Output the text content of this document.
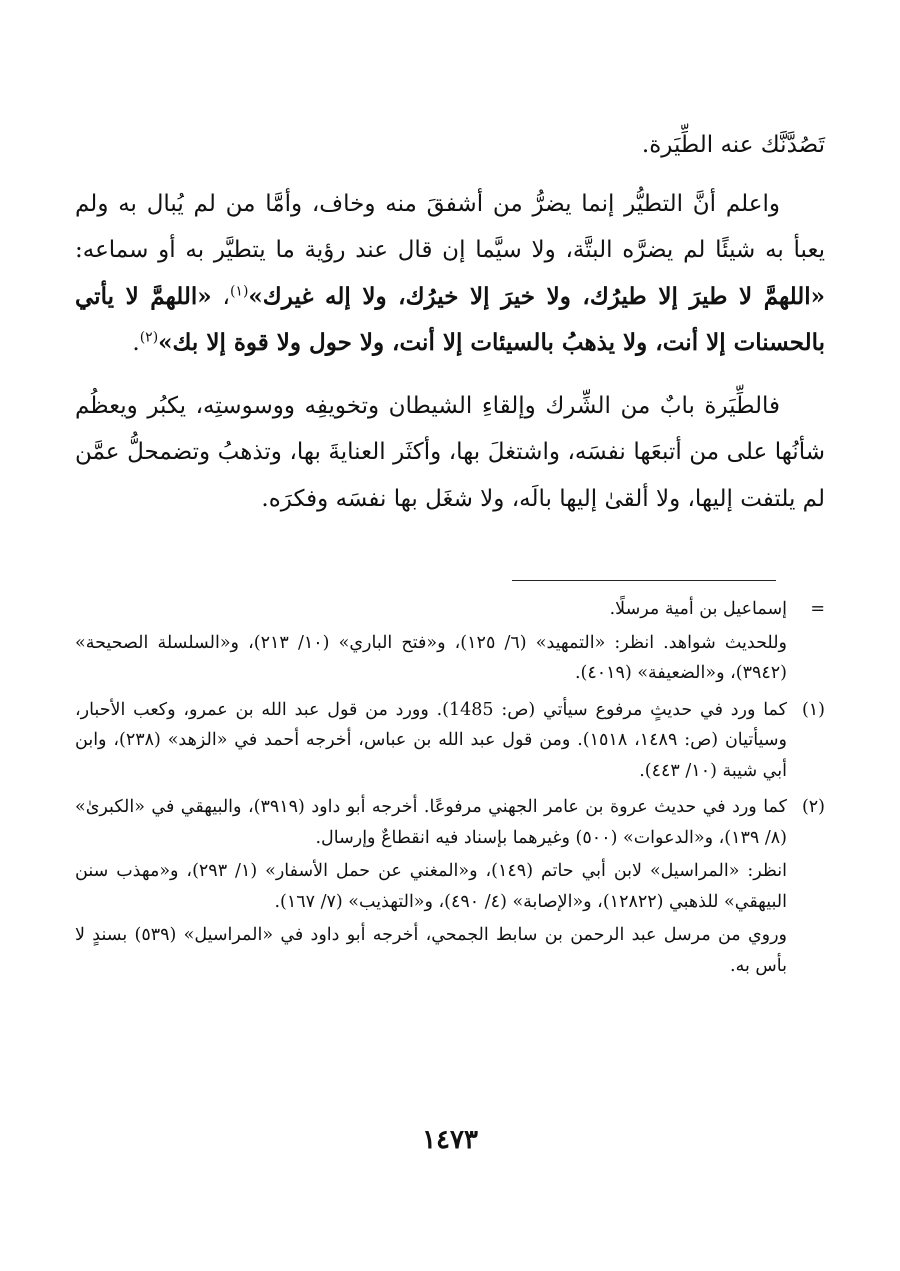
تَصُدَّنَّك عنه الطِّيَرة.

واعلم أنَّ التطيُّر إنما يضرُّ من أشفقَ منه وخاف، وأمَّا من لم يُبال به ولم يعبأ به شيئًا لم يضرَّه البتَّة، ولا سيَّما إن قال عند رؤية ما يتطيَّر به أو سماعه: «اللهمَّ لا طيرَ إلا طيرُك، ولا خيرَ إلا خيرُك، ولا إله غيرك»$^{(١)}$، «اللهمَّ لا يأتي بالحسنات إلا أنت، ولا يذهبُ بالسيئات إلا أنت، ولا حول ولا قوة إلا بك»$^{(٢)}$.

فالطِّيَرة بابٌ من الشِّرك وإلقاءِ الشيطان وتخويفِه ووسوستِه، يكبُر ويعظُم شأنُها على من أتبعَها نفسَه، واشتغلَ بها، وأكثَر العنايةَ بها، وتذهبُ وتضمحلُّ عمَّن لم يلتفت إليها، ولا ألقىٰ إليها بالَه، ولا شغَل بها نفسَه وفكرَه.

=

إسماعيل بن أمية مرسلًا.

وللحديث شواهد. انظر: «التمهيد» (٦/ ١٢٥)، و«فتح الباري» (١٠/ ٢١٣)، و«السلسلة الصحيحة» (٣٩٤٢)، و«الضعيفة» (٤٠١٩).

(١)

كما ورد في حديثٍ مرفوع سيأتي (ص: 1485). وورد من قول عبد الله بن عمرو، وكعب الأحبار، وسيأتيان (ص: ١٤٨٩، ١٥١٨). ومن قول عبد الله بن عباس، أخرجه أحمد في «الزهد» (٢٣٨)، وابن أبي شيبة (١٠/ ٤٤٣).

(٢)

كما ورد في حديث عروة بن عامر الجهني مرفوعًا. أخرجه أبو داود (٣٩١٩)، والبيهقي في «الكبرىٰ» (٨/ ١٣٩)، و«الدعوات» (٥٠٠) وغيرهما بإسناد فيه انقطاعٌ وإرسال.

انظر: «المراسيل» لابن أبي حاتم (١٤٩)، و«المغني عن حمل الأسفار» (١/ ٢٩٣)، و«مهذب سنن البيهقي» للذهبي (١٢٨٢٢)، و«الإصابة» (٤/ ٤٩٠)، و«التهذيب» (٧/ ١٦٧).

وروي من مرسل عبد الرحمن بن سابط الجمحي، أخرجه أبو داود في «المراسيل» (٥٣٩) بسندٍ لا بأس به.

١٤٧٣
